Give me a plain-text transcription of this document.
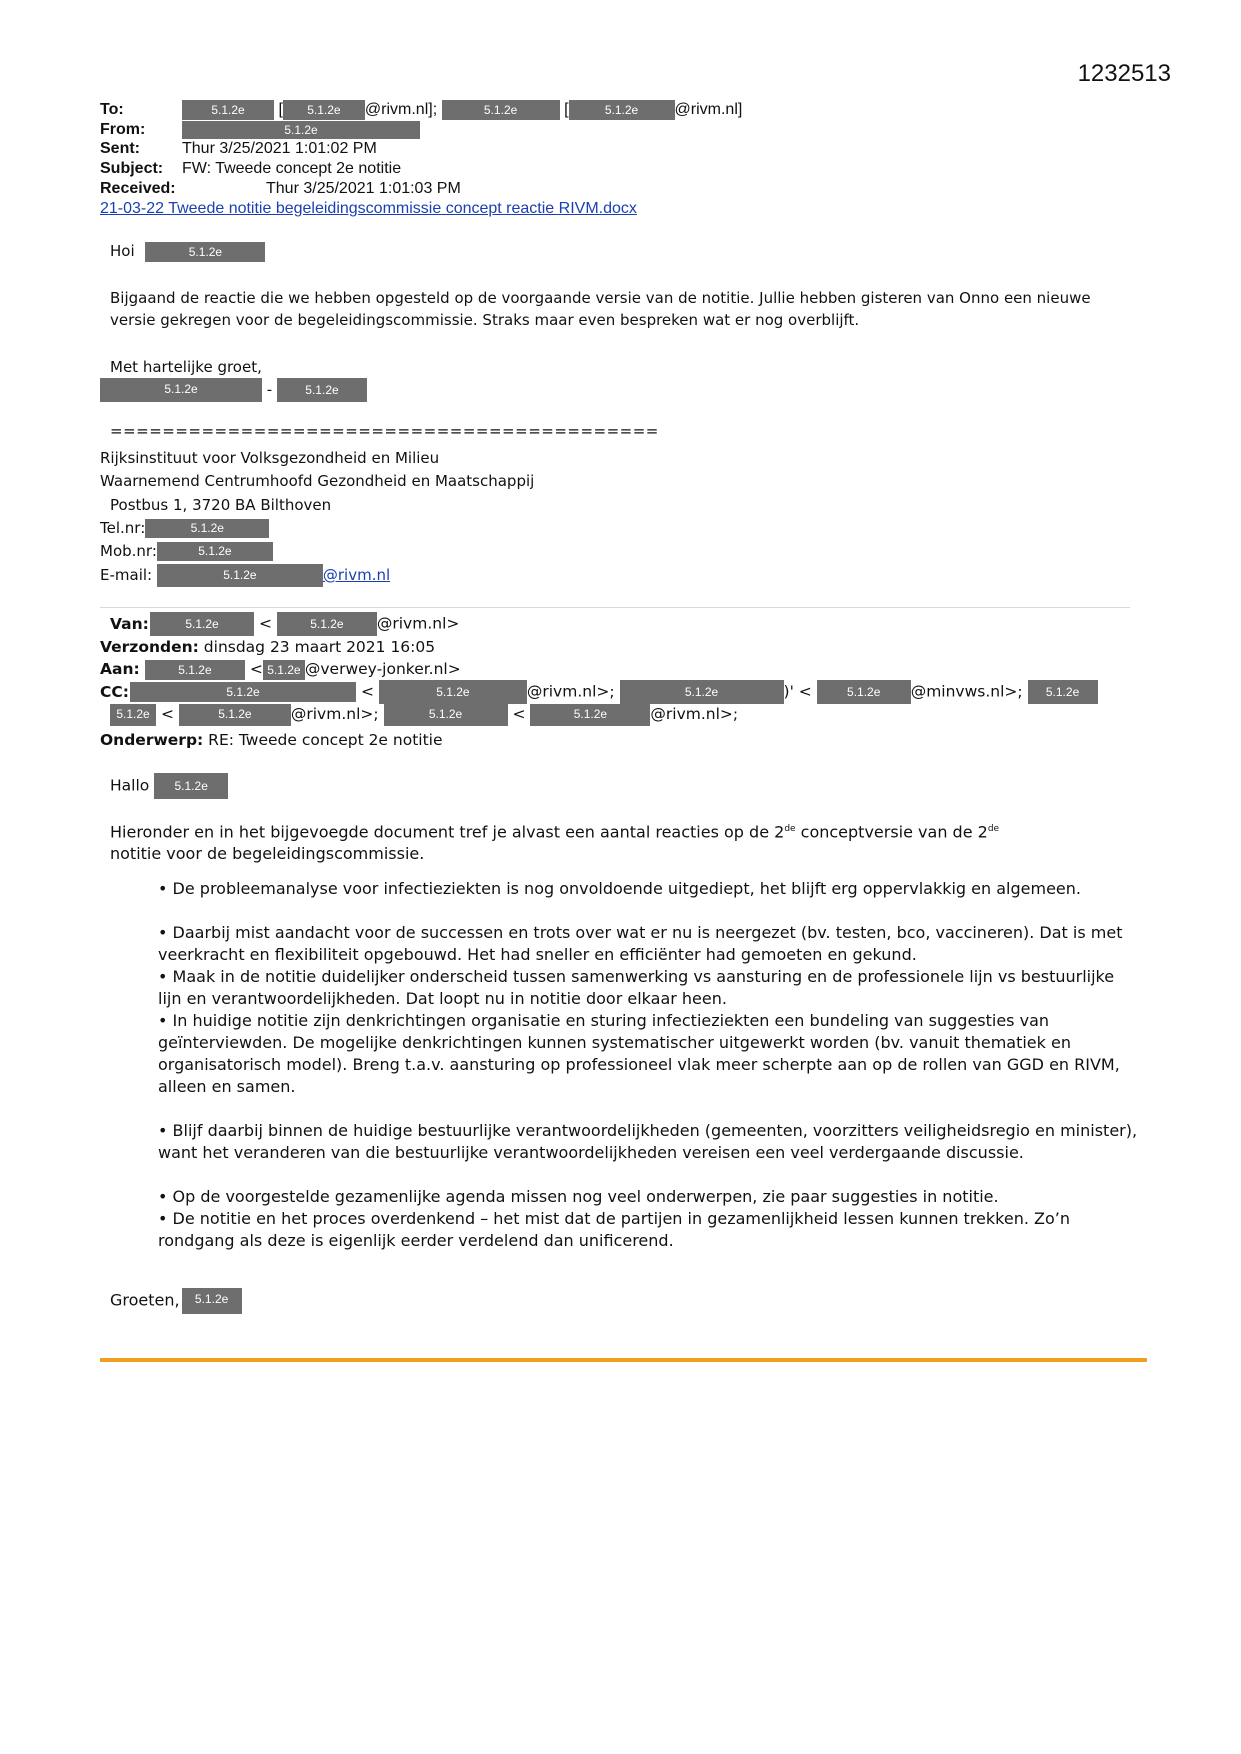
1232513
To:	5.1.2e [ 5.1.2e @rivm.nl];	5.1.2e	[	5.1.2e @rivm.nl]
From:	5.1.2e
Sent:	Thur 3/25/2021 1:01:02 PM
Subject: FW: Tweede concept 2e notitie
Received:	Thur 3/25/2021 1:01:03 PM
21-03-22 Tweede notitie begeleidingscommissie concept reactie RIVM.docx
Hoi	5.1.2e
Bijgaand de reactie die we hebben opgesteld op de voorgaande versie van de notitie. Jullie hebben gisteren van Onno een nieuwe versie gekregen voor de begeleidingscommissie. Straks maar even bespreken wat er nog overblijft.
Met hartelijke groet,
5.1.2e	-	5.1.2e
==========================================
Rijksinstituut voor Volksgezondheid en Milieu
Waarnemend Centrumhoofd Gezondheid en Maatschappij
Postbus 1, 3720 BA Bilthoven
Tel.nr:	5.1.2e
Mob.nr:	5.1.2e
E-mail:	5.1.2e	@rivm.nl
Van:	5.1.2e	<	5.1.2e @rivm.nl>
Verzonden: dinsdag 23 maart 2021 16:05
Aan:	5.1.2e < 5.1.2e @verwey-jonker.nl>
CC:	5.1.2e	<	5.1.2e	@rivm.nl>;	5.1.2e	)' <	5.1.2e @minvws.nl>; 5.1.2e
5.1.2e <	5.1.2e	@rivm.nl>;	5.1.2e	<	5.1.2e	@rivm.nl>;
Onderwerp: RE: Tweede concept 2e notitie
Hallo 5.1.2e
Hieronder en in het bijgevoegde document tref je alvast een aantal reacties op de 2de conceptversie van de 2de
notitie voor de begeleidingscommissie.
• De probleemanalyse voor infectieziekten is nog onvoldoende uitgediept, het blijft erg oppervlakkig en algemeen.
• Daarbij mist aandacht voor de successen en trots over wat er nu is neergezet (bv. testen, bco, vaccineren). Dat is met veerkracht en flexibiliteit opgebouwd. Het had sneller en efficiënter had gemoeten en gekund.
• Maak in de notitie duidelijker onderscheid tussen samenwerking vs aansturing en de professionele lijn vs bestuurlijke lijn en verantwoordelijkheden. Dat loopt nu in notitie door elkaar heen.
• In huidige notitie zijn denkrichtingen organisatie en sturing infectieziekten een bundeling van suggesties van geïnterviewden. De mogelijke denkrichtingen kunnen systematischer uitgewerkt worden (bv. vanuit thematiek en organisatorisch model). Breng t.a.v. aansturing op professioneel vlak meer scherpte aan op de rollen van GGD en RIVM, alleen en samen.
• Blijf daarbij binnen de huidige bestuurlijke verantwoordelijkheden (gemeenten, voorzitters veiligheidsregio en minister), want het veranderen van die bestuurlijke verantwoordelijkheden vereisen een veel verdergaande discussie.
• Op de voorgestelde gezamenlijke agenda missen nog veel onderwerpen, zie paar suggesties in notitie.
• De notitie en het proces overdenkend – het mist dat de partijen in gezamenlijkheid lessen kunnen trekken. Zo’n rondgang als deze is eigenlijk eerder verdelend dan unificerend.
Groeten, 5.1.2e
